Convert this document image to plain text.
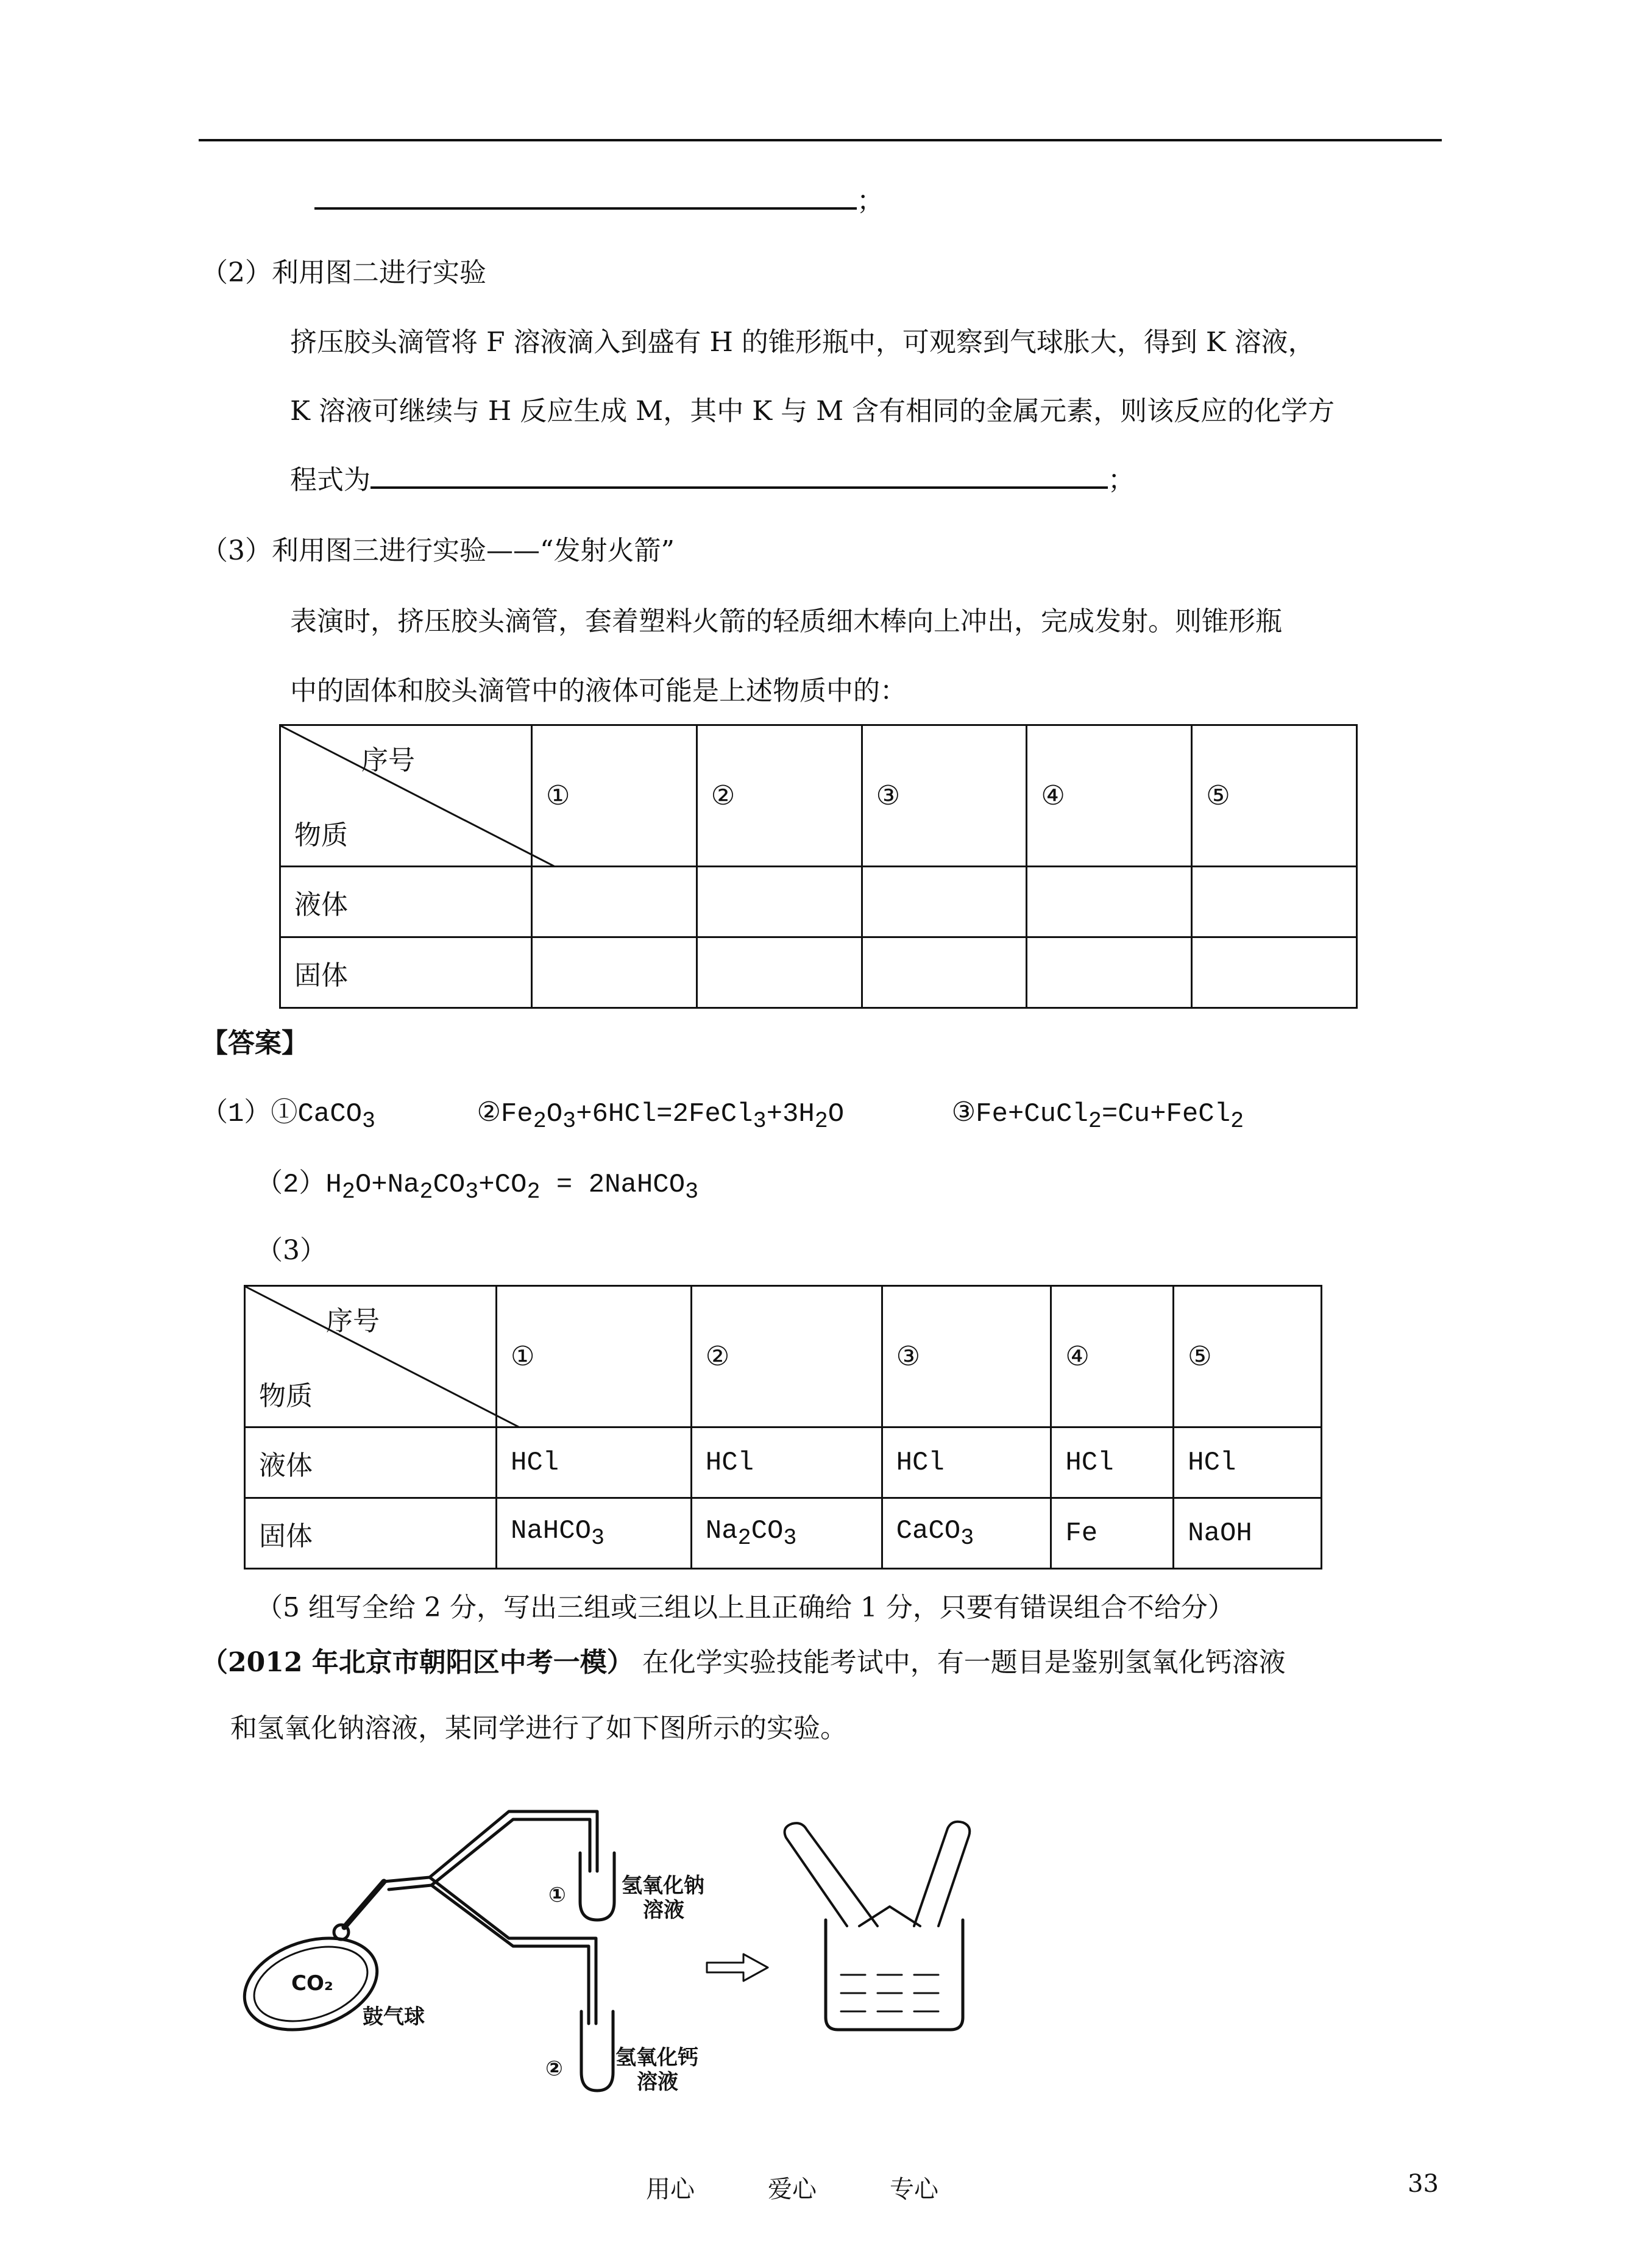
；
（2）利用图二进行实验
挤压胶头滴管将 F 溶液滴入到盛有 H 的锥形瓶中，可观察到气球胀大，得到 K 溶液，
K 溶液可继续与 H 反应生成 M，其中 K 与 M 含有相同的金属元素，则该反应的化学方
程式为	；
（3）利用图三进行实验——“发射火箭”
表演时，挤压胶头滴管，套着塑料火箭的轻质细木棒向上冲出，完成发射。则锥形瓶
中的固体和胶头滴管中的液体可能是上述物质中的：
序号
物质	①	②	③	④	⑤
液体					
固体					
【答案】
（1）①CaCO$_3$	$②Fe_2O_3+6HCl=2FeCl_3+3H_2O$	③Fe+CuCl$_2$=Cu+FeCl$_2$
$(2)H_2O+Na_2CO_3+CO_2$ = 2NaHCO$_3$
（3）
序号
物质	①	②	③	④	⑤
液体	HCl	HCl	HCl	HCl	HCl
固体	NaHCO$_3$	$Na_2CO_3$	CaCO$_3$	Fe	NaOH
（5 组写全给 2 分，写出三组或三组以上且正确给 1 分，只要有错误组合不给分）
（2012 年北京市朝阳区中考一模） 在化学实验技能考试中，有一题目是鉴别氢氧化钙溶液
和氢氧化钠溶液，某同学进行了如下图所示的实验。
CO₂
鼓气球
①	氢氧化钠
溶液
②	氢氧化钙
溶液
用心	爱心	专心	33
